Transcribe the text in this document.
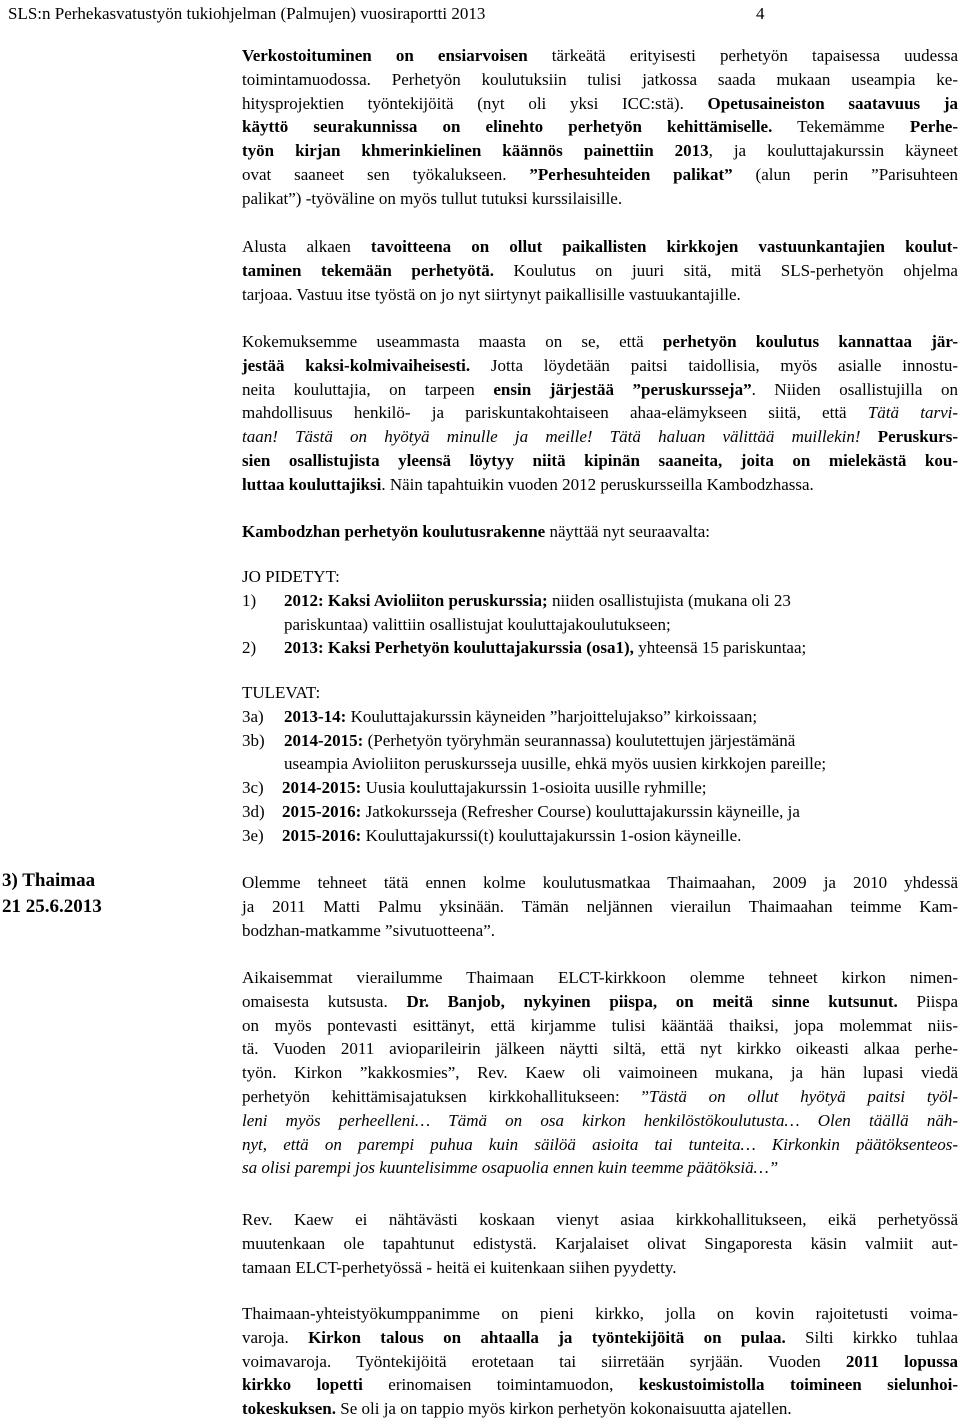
SLS:n Perhekasvatustyön tukiohjelman (Palmujen) vuosiraportti 2013	4
Verkostoituminen on ensiarvoisen tärkeätä erityisesti perhetyön tapaisessa uudessa
toimintamuodossa. Perhetyön koulutuksiin tulisi jatkossa saada mukaan useampia ke-
hitysprojektien työntekijöitä (nyt oli yksi ICC:stä). Opetusaineiston saatavuus ja
käyttö seurakunnissa on elinehto perhetyön kehittämiselle. Tekemämme Perhe-
työn kirjan khmerinkielinen käännös painettiin 2013, ja kouluttajakurssin käyneet
ovat saaneet sen työkalukseen. ”Perhesuhteiden palikat” (alun perin ”Parisuhteen
palikat”) -työväline on myös tullut tutuksi kurssilaisille.
Alusta alkaen tavoitteena on ollut paikallisten kirkkojen vastuunkantajien koulut-
taminen tekemään perhetyötä. Koulutus on juuri sitä, mitä SLS-perhetyön ohjelma
tarjoaa. Vastuu itse työstä on jo nyt siirtynyt paikallisille vastuukantajille.
Kokemuksemme useammasta maasta on se, että perhetyön koulutus kannattaa jär-
jestää kaksi-kolmivaiheisesti. Jotta löydetään paitsi taidollisia, myös asialle innostu-
neita kouluttajia, on tarpeen ensin järjestää ”peruskursseja”. Niiden osallistujilla on
mahdollisuus henkilö- ja pariskuntakohtaiseen ahaa-elämykseen siitä, että Tätä tarvi-
taan! Tästä on hyötyä minulle ja meille! Tätä haluan välittää muillekin! Peruskurs-
sien osallistujista yleensä löytyy niitä kipinän saaneita, joita on mielekästä kou-
luttaa kouluttajiksi. Näin tapahtuikin vuoden 2012 peruskursseilla Kambodzhassa.
Kambodzhan perhetyön koulutusrakenne näyttää nyt seuraavalta:
JO PIDETYT:
1) 2012: Kaksi Avioliiton peruskurssia; niiden osallistujista (mukana oli 23
pariskuntaa) valittiin osallistujat kouluttajakoulutukseen;
2) 2013: Kaksi Perhetyön kouluttajakurssia (osa1), yhteensä 15 pariskuntaa;
TULEVAT:
3a) 2013-14: Kouluttajakurssin käyneiden ”harjoittelujakso” kirkoissaan;
3b) 2014-2015: (Perhetyön työryhmän seurannassa) koulutettujen järjestämänä
useampia Avioliiton peruskursseja uusille, ehkä myös uusien kirkkojen pareille;
3c) 2014-2015: Uusia kouluttajakurssin 1-osioita uusille ryhmille;
3d) 2015-2016: Jatkokursseja (Refresher Course) kouluttajakurssin käyneille, ja
3e) 2015-2016: Kouluttajakurssi(t) kouluttajakurssin 1-osion käyneille.
3) Thaimaa
21 25.6.2013
Olemme tehneet tätä ennen kolme koulutusmatkaa Thaimaahan, 2009 ja 2010 yhdessä
ja 2011 Matti Palmu yksinään. Tämän neljännen vierailun Thaimaahan teimme Kam-
bodzhan-matkamme ”sivutuotteena”.
Aikaisemmat vierailumme Thaimaan ELCT-kirkkoon olemme tehneet kirkon nimen-
omaisesta kutsusta. Dr. Banjob, nykyinen piispa, on meitä sinne kutsunut. Piispa
on myös pontevasti esittänyt, että kirjamme tulisi kääntää thaiksi, jopa molemmat niis-
tä. Vuoden 2011 avioparileirin jälkeen näytti siltä, että nyt kirkko oikeasti alkaa perhe-
työn. Kirkon ”kakkosmies”, Rev. Kaew oli vaimoineen mukana, ja hän lupasi viedä
perhetyön kehittämisajatuksen kirkkohallitukseen: ”Tästä on ollut hyötyä paitsi työl-
leni myös perheelleni… Tämä on osa kirkon henkilöstökoulutusta… Olen täällä näh-
nyt, että on parempi puhua kuin säilöä asioita tai tunteita… Kirkonkin päätöksenteos-
sa olisi parempi jos kuuntelisimme osapuolia ennen kuin teemme päätöksiä…”
Rev. Kaew ei nähtävästi koskaan vienyt asiaa kirkkohallitukseen, eikä perhetyössä
muutenkaan ole tapahtunut edistystä. Karjalaiset olivat Singaporesta käsin valmiit aut-
tamaan ELCT-perhetyössä - heitä ei kuitenkaan siihen pyydetty.
Thaimaan-yhteistyökumppanimme on pieni kirkko, jolla on kovin rajoitetusti voima-
varoja. Kirkon talous on ahtaalla ja työntekijöitä on pulaa. Silti kirkko tuhlaa
voimavaroja. Työntekijöitä erotetaan tai siirretään syrjään. Vuoden 2011 lopussa
kirkko lopetti erinomaisen toimintamuodon, keskustoimistolla toimineen sielunhoi-
tokeskuksen. Se oli ja on tappio myös kirkon perhetyön kokonaisuutta ajatellen.
